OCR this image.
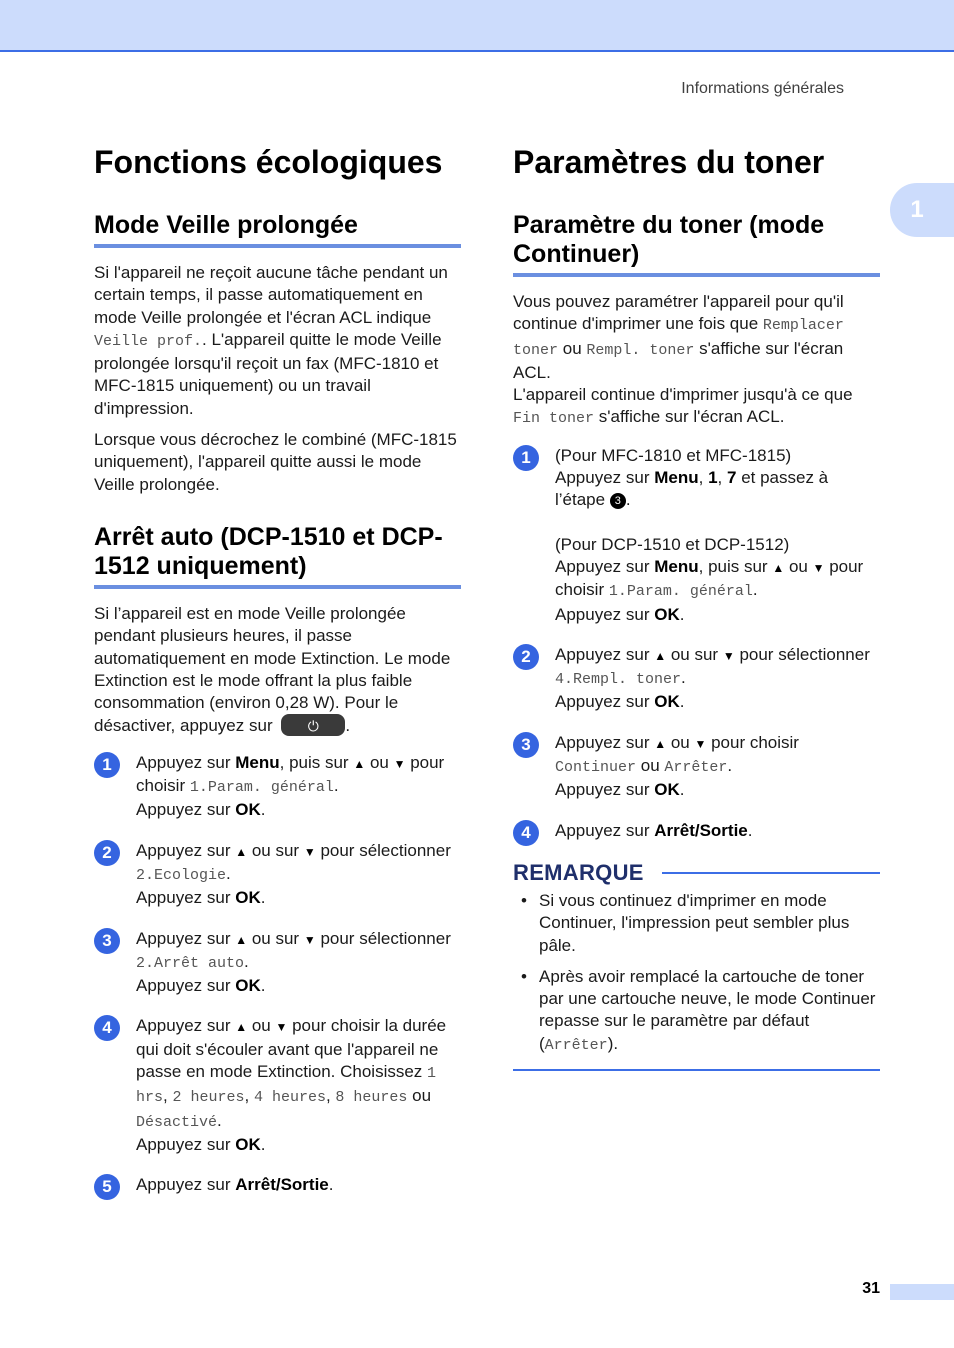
Informations générales
1
Fonctions écologiques
Mode Veille prolongée

Si l'appareil ne reçoit aucune tâche pendant un certain temps, il passe automatiquement en mode Veille prolongée et l'écran ACL indique Veille prof.. L'appareil quitte le mode Veille prolongée lorsqu'il reçoit un fax (MFC-1810 et MFC-1815 uniquement) ou un travail d'impression.

Lorsque vous décrochez le combiné (MFC-1815 uniquement), l'appareil quitte aussi le mode Veille prolongée.

Arrêt auto (DCP-1510 et DCP-1512 uniquement)

Si l’appareil est en mode Veille prolongée pendant plusieurs heures, il passe automatiquement en mode Extinction. Le mode Extinction est le mode offrant la plus faible consommation (environ 0,28 W). Pour le désactiver, appuyez sur	⏻	.

1	Appuyez sur Menu, puis sur ▲ ou ▼ pour choisir 1.Param. général.
Appuyez sur OK.

2	Appuyez sur ▲ ou sur ▼ pour sélectionner 2.Ecologie.
Appuyez sur OK.

3	Appuyez sur ▲ ou sur ▼ pour sélectionner 2.Arrêt auto.
Appuyez sur OK.

4	Appuyez sur ▲ ou ▼ pour choisir la durée qui doit s'écouler avant que l'appareil ne passe en mode Extinction. Choisissez 1 hrs, 2 heures, 4 heures, 8 heures ou Désactivé.
Appuyez sur OK.

5	Appuyez sur Arrêt/Sortie.

Paramètres du toner
Paramètre du toner (mode Continuer)

Vous pouvez paramétrer l'appareil pour qu'il continue d'imprimer une fois que Remplacer toner ou Rempl. toner s'affiche sur l'écran ACL.
L'appareil continue d'imprimer jusqu'à ce que Fin toner s'affiche sur l'écran ACL.

1	(Pour MFC-1810 et MFC-1815)
Appuyez sur Menu, 1, 7 et passez à l’étape 3 .

(Pour DCP-1510 et DCP-1512)
Appuyez sur Menu, puis sur ▲ ou ▼ pour choisir 1.Param. général.
Appuyez sur OK.

2	Appuyez sur ▲ ou sur ▼ pour sélectionner 4.Rempl. toner.
Appuyez sur OK.

3	Appuyez sur ▲ ou ▼ pour choisir
Continuer ou Arrêter.
Appuyez sur OK.

4	Appuyez sur Arrêt/Sortie.

REMARQUE
• Si vous continuez d'imprimer en mode Continuer, l'impression peut sembler plus pâle.
• Après avoir remplacé la cartouche de toner par une cartouche neuve, le mode Continuer repasse sur le paramètre par défaut (Arrêter).
31
